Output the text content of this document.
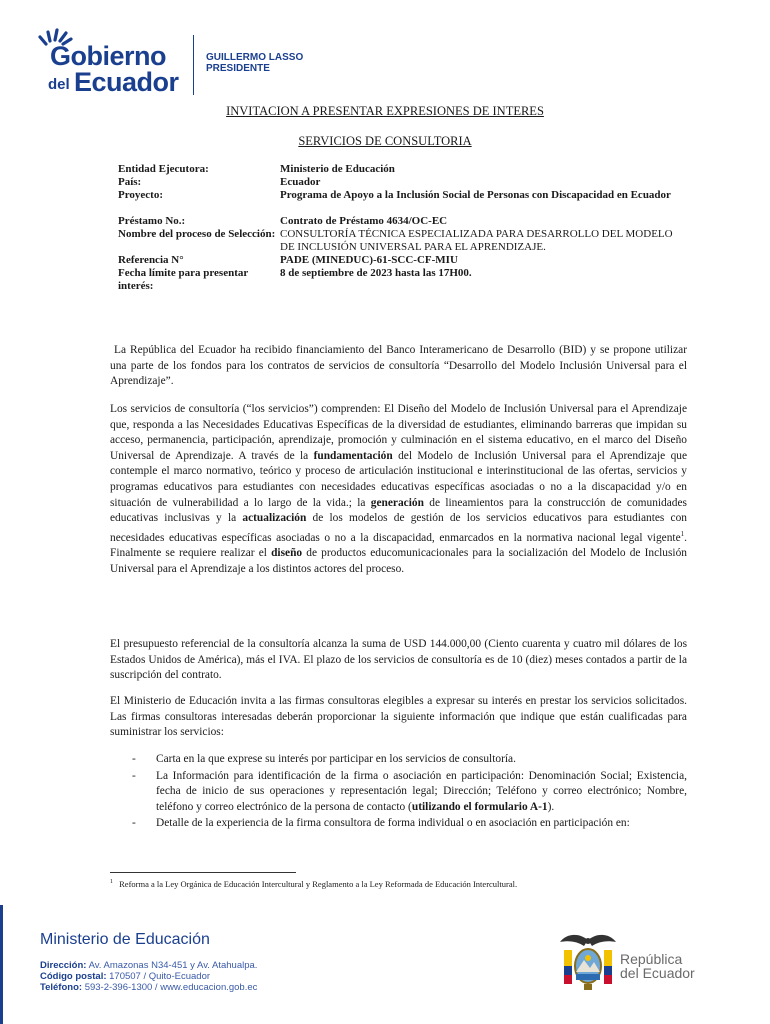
Gobierno
del Ecuador
GUILLERMO LASSO
PRESIDENTE
INVITACION A PRESENTAR EXPRESIONES DE INTERES
SERVICIOS DE CONSULTORIA
Entidad Ejecutora:	Ministerio de Educación
País:	Ecuador
Proyecto:	Programa de Apoyo a la Inclusión Social de Personas con Discapacidad en Ecuador
Préstamo No.:	Contrato de Préstamo 4634/OC-EC
Nombre del proceso de Selección: CONSULTORÍA TÉCNICA ESPECIALIZADA PARA DESARROLLO DEL MODELO DE INCLUSIÓN UNIVERSAL PARA EL APRENDIZAJE.
Referencia N°	PADE (MINEDUC)-61-SCC-CF-MIU
Fecha límite para presentar interés:
8 de septiembre de 2023 hasta las 17H00.

La República del Ecuador ha recibido financiamiento del Banco Interamericano de Desarrollo (BID) y se propone utilizar una parte de los fondos para los contratos de servicios de consultoría “Desarrollo del Modelo Inclusión Universal para el Aprendizaje”.

Los servicios de consultoría (“los servicios”) comprenden: El Diseño del Modelo de Inclusión Universal para el Aprendizaje que, responda a las Necesidades Educativas Específicas de la diversidad de estudiantes, eliminando barreras que impidan su acceso, permanencia, participación, aprendizaje, promoción y culminación en el sistema educativo, en el marco del Diseño Universal de Aprendizaje. A través de la fundamentación del Modelo de Inclusión Universal para el Aprendizaje que contemple el marco normativo, teórico y proceso de articulación institucional e interinstitucional de las ofertas, servicios y programas educativos para estudiantes con necesidades educativas específicas asociadas o no a la discapacidad y/o en situación de vulnerabilidad a lo largo de la vida.; la generación de lineamientos para la construcción de comunidades educativas inclusivas y la actualización de los modelos de gestión de los servicios educativos para estudiantes con necesidades educativas específicas asociadas o no a la discapacidad, enmarcados en la normativa nacional legal vigente$^1$. Finalmente se requiere realizar el diseño de productos educomunicacionales para la socialización del Modelo de Inclusión Universal para el Aprendizaje a los distintos actores del proceso.

El presupuesto referencial de la consultoría alcanza la suma de USD 144.000,00 (Ciento cuarenta y cuatro mil dólares de los Estados Unidos de América), más el IVA. El plazo de los servicios de consultoría es de 10 (diez) meses contados a partir de la suscripción del contrato.

El Ministerio de Educación invita a las firmas consultoras elegibles a expresar su interés en prestar los servicios solicitados. Las firmas consultoras interesadas deberán proporcionar la siguiente información que indique que están cualificadas para suministrar los servicios:

- Carta en la que exprese su interés por participar en los servicios de consultoría.
- La Información para identificación de la firma o asociación en participación: Denominación Social; Existencia, fecha de inicio de sus operaciones y representación legal; Dirección; Teléfono y correo electrónico; Nombre, teléfono y correo electrónico de la persona de contacto (utilizando el formulario A-1).
- Detalle de la experiencia de la firma consultora de forma individual o en asociación en participación en:
$^1$ Reforma a la Ley Orgánica de Educación Intercultural y Reglamento a la Ley Reformada de Educación Intercultural.
Ministerio de Educación
Dirección: Av. Amazonas N34-451 y Av. Atahualpa.
Código postal: 170507 / Quito-Ecuador
Teléfono: 593-2-396-1300 / www.educacion.gob.ec
República
del Ecuador
